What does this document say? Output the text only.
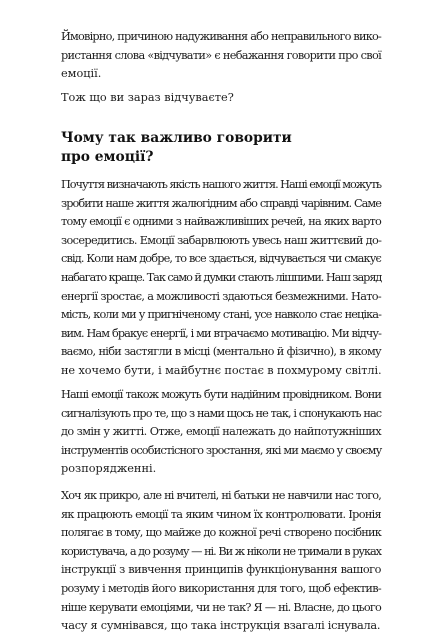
Ймовірно, причиною надуживання або неправильного вико-
ристання слова «відчувати» є небажання говорити про свої
емоції.
Тож що ви зараз відчуваєте?
Чому так важливо говорити
про емоції?
Почуття визначають якість нашого життя. Наші емоції можуть
зробити наше життя жалюгідним або справді чарівним. Саме
тому емоції є одними з найважливіших речей, на яких варто
зосередитись. Емоції забарвлюють увесь наш життєвий до-
свід. Коли нам добре, то все здається, відчувається чи смакує
набагато краще. Так само й думки стають лішпими. Наш заряд
енергії зростає, а можливості здаються безмежними. Нато-
мість, коли ми у пригніченому стані, усе навколо стає нецікa-
вим. Нам бракує енергії, і ми втрачаємо мотивацію. Ми відчу-
ваємо, ніби застягли в місці (ментально й фізично), в якому
не хочемо бути, і майбутнє постає в похмурому світлі.
Наші емоції також можуть бути надійним провідником. Вони
сигналізують про те, що з нами щось не так, і спонукають нас
до змін у житті. Отже, емоції належать до найпотужніших
інструментів особистісного зростання, які ми маємо у своєму
розпорядженні.
Хоч як прикро, але ні вчителі, ні батьки не навчили нас того,
як працюють емоції та яким чином їх контролювати. Іронія
полягає в тому, що майже до кожної речі створено посібник
користувача, а до розуму — ні. Ви ж ніколи не тримали в руках
інструкції з вивчення принципів функціонування вашого
розуму і методів його використання для того, щоб ефектив-
ніше керувати емоціями, чи не так? Я — ні. Власне, до цього
часу я сумнівався, що така інструкція взагалі існувала.
